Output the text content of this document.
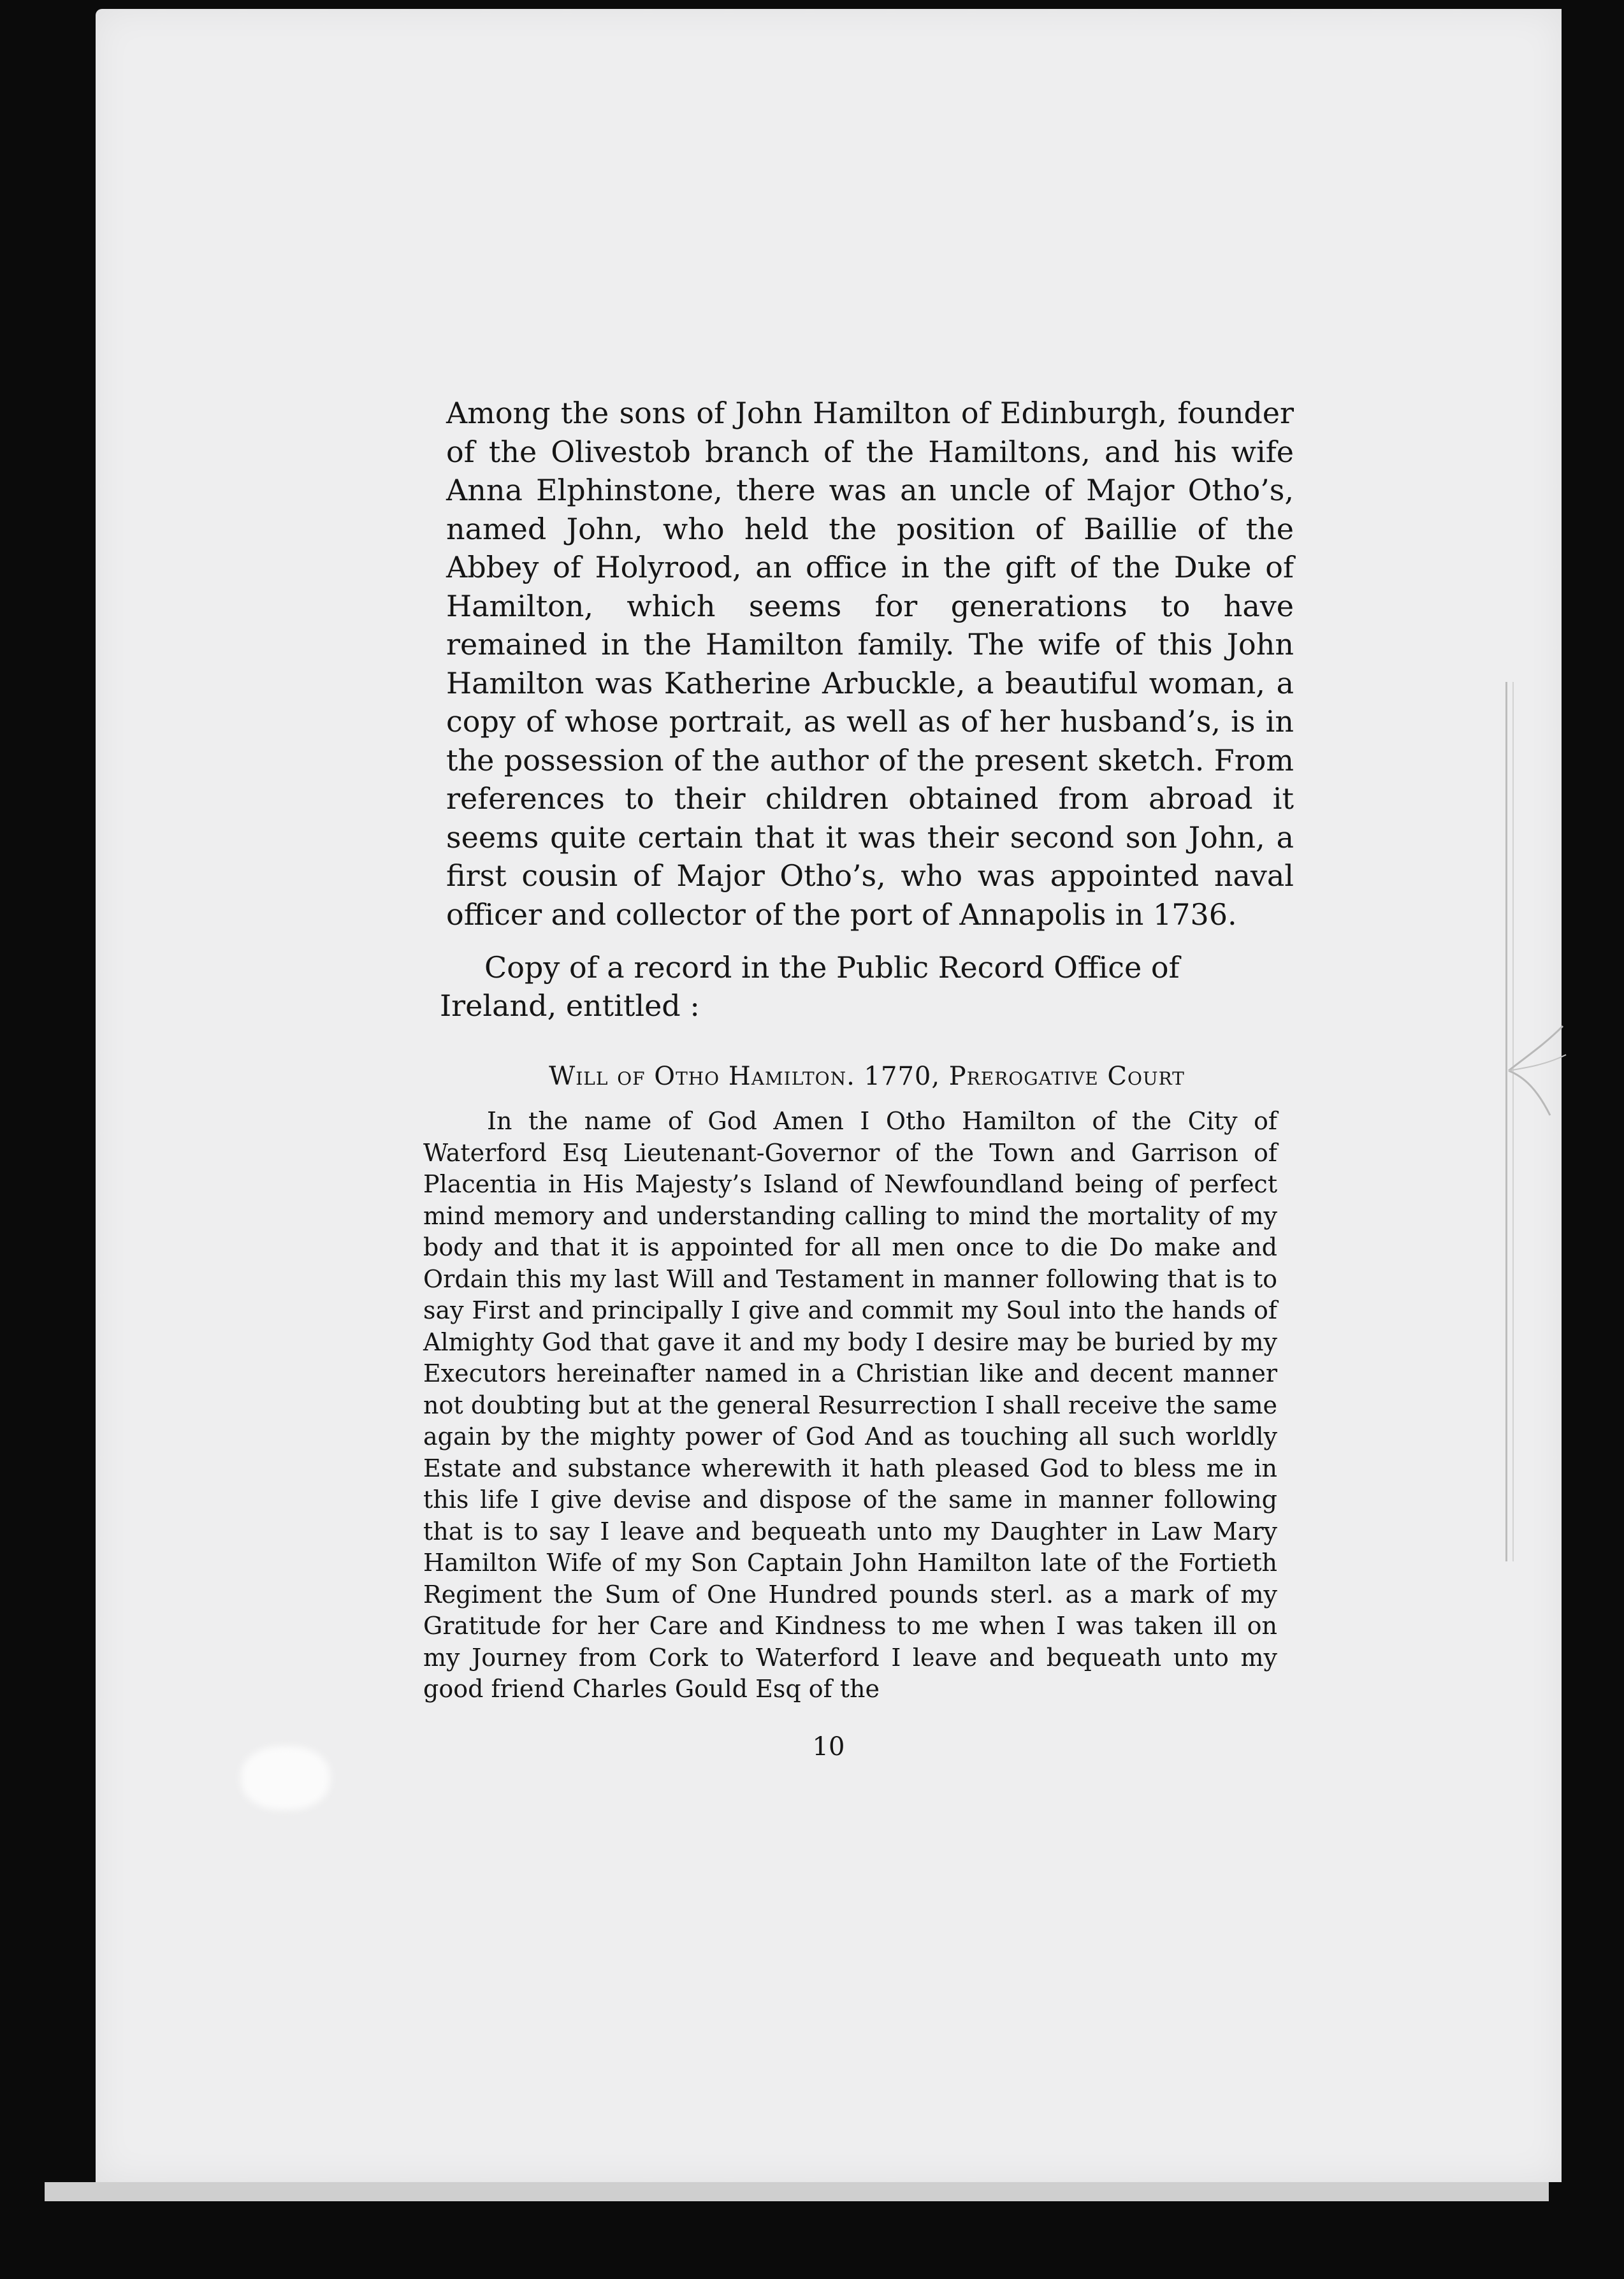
Among the sons of John Hamilton of Edinburgh, founder of the Olivestob branch of the Hamiltons, and his wife Anna Elphinstone, there was an uncle of Major Otho’s, named John, who held the position of Baillie of the Abbey of Holyrood, an office in the gift of the Duke of Hamilton, which seems for generations to have remained in the Hamilton family. The wife of this John Hamilton was Katherine Arbuckle, a beautiful woman, a copy of whose portrait, as well as of her husband’s, is in the possession of the author of the present sketch. From references to their children obtained from abroad it seems quite certain that it was their second son John, a first cousin of Major Otho’s, who was appointed naval officer and collector of the port of Annapolis in 1736.

Copy of a record in the Public Record Office of Ireland, entitled :

Will of Otho Hamilton. 1770, Prerogative Court

In the name of God Amen I Otho Hamilton of the City of Waterford Esq Lieutenant-Governor of the Town and Garrison of Placentia in His Majesty’s Island of Newfoundland being of perfect mind memory and understanding calling to mind the mortality of my body and that it is appointed for all men once to die Do make and Ordain this my last Will and Testament in manner following that is to say First and principally I give and commit my Soul into the hands of Almighty God that gave it and my body I desire may be buried by my Executors hereinafter named in a Christian like and decent manner not doubting but at the general Resurrection I shall receive the same again by the mighty power of God And as touching all such worldly Estate and substance wherewith it hath pleased God to bless me in this life I give devise and dispose of the same in manner following that is to say I leave and bequeath unto my Daughter in Law Mary Hamilton Wife of my Son Captain John Hamilton late of the Fortieth Regiment the Sum of One Hundred pounds sterl. as a mark of my Gratitude for her Care and Kindness to me when I was taken ill on my Journey from Cork to Waterford I leave and bequeath unto my good friend Charles Gould Esq of the

10
